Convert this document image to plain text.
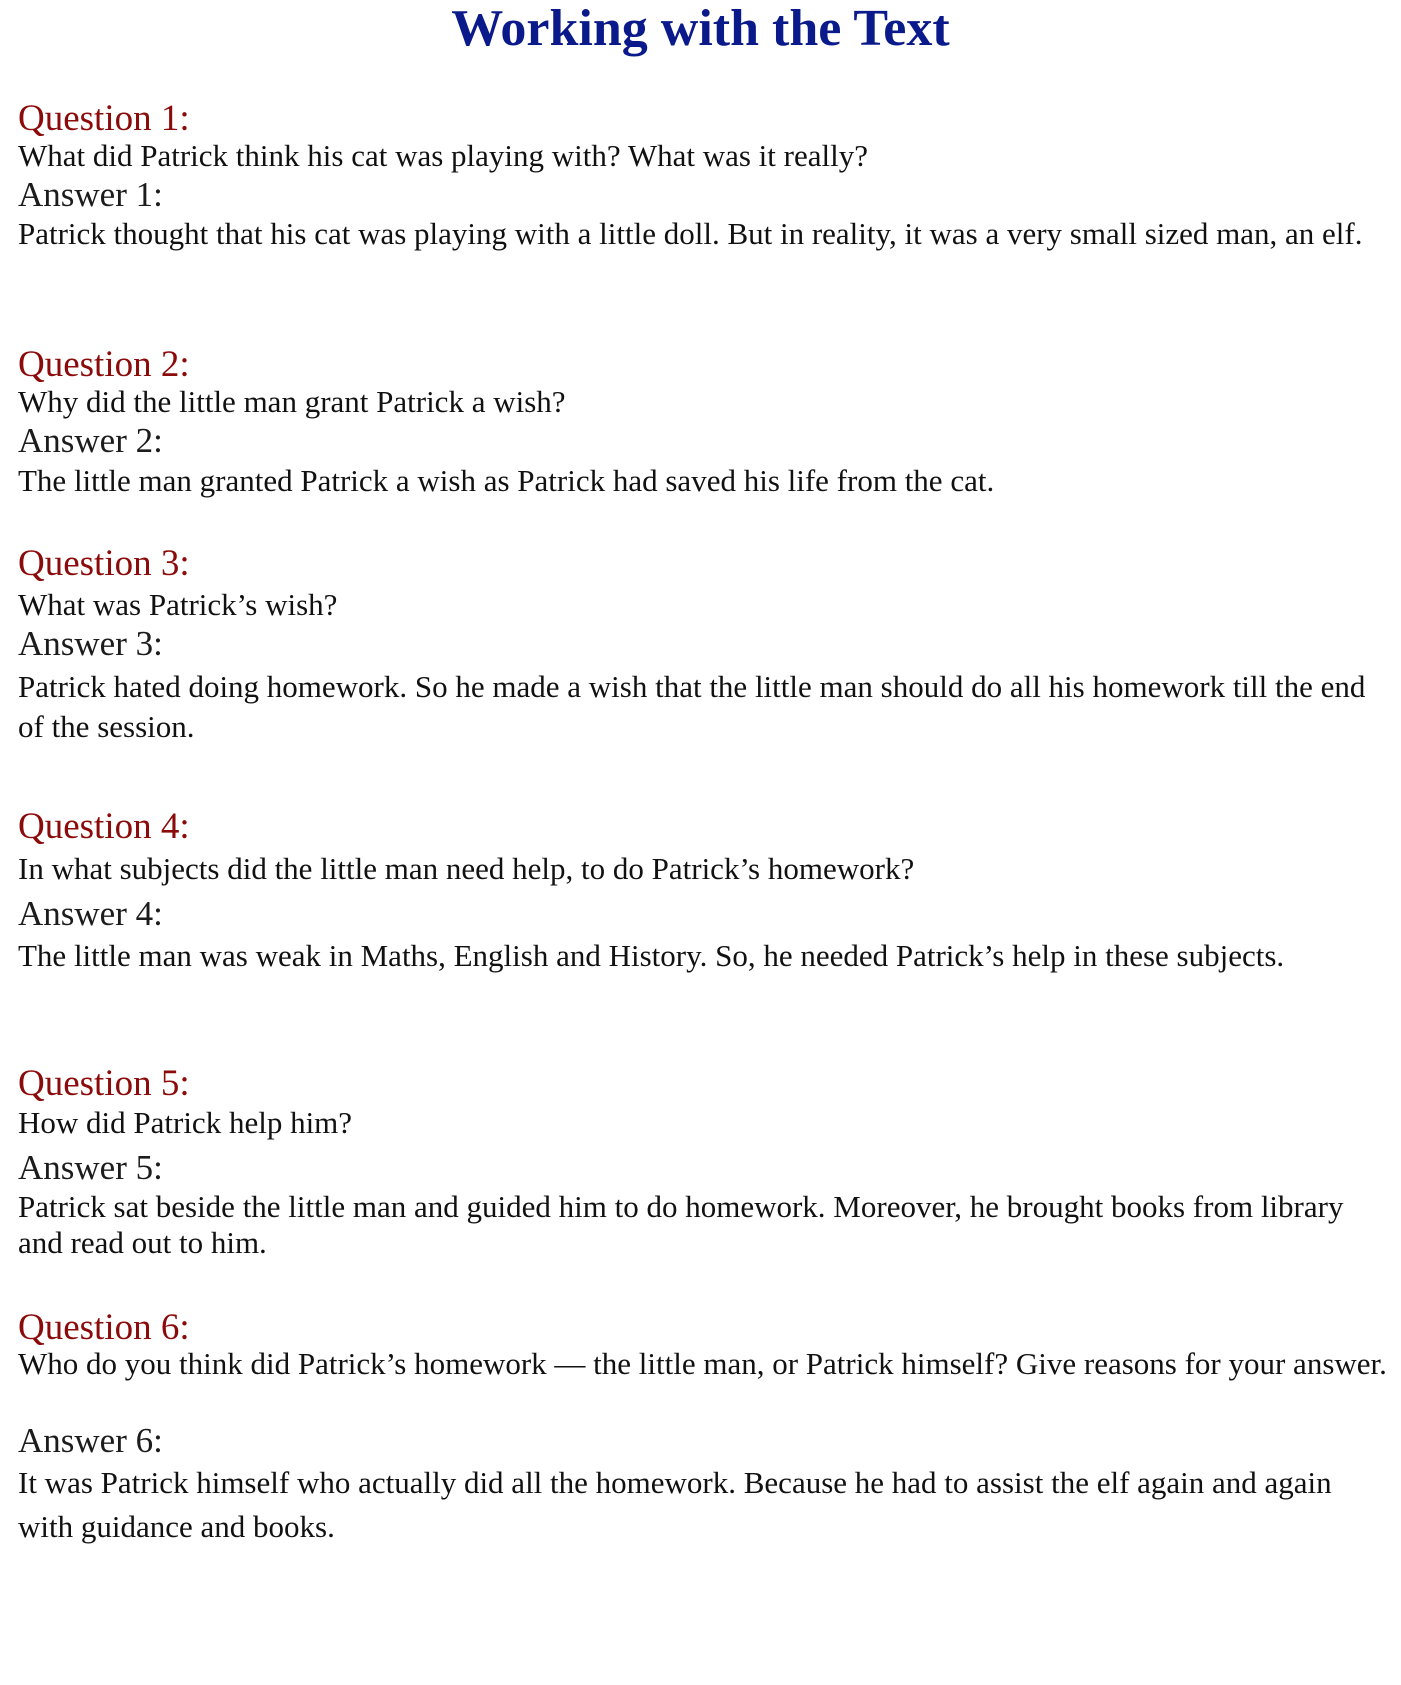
Working with the Text
Question 1:
What did Patrick think his cat was playing with? What was it really?
Answer 1:
Patrick thought that his cat was playing with a little doll. But in reality, it was a very small sized man, an elf.
Question 2:
Why did the little man grant Patrick a wish?
Answer 2:
The little man granted Patrick a wish as Patrick had saved his life from the cat.
Question 3:
What was Patrick’s wish?
Answer 3:
Patrick hated doing homework. So he made a wish that the little man should do all his homework till the end of the session.
Question 4:
In what subjects did the little man need help, to do Patrick’s homework?
Answer 4:
The little man was weak in Maths, English and History. So, he needed Patrick’s help in these subjects.
Question 5:
How did Patrick help him?
Answer 5:
Patrick sat beside the little man and guided him to do homework. Moreover, he brought books from library and read out to him.
Question 6:
Who do you think did Patrick’s homework — the little man, or Patrick himself? Give reasons for your answer.
Answer 6:
It was Patrick himself who actually did all the homework. Because he had to assist the elf again and again with guidance and books.
